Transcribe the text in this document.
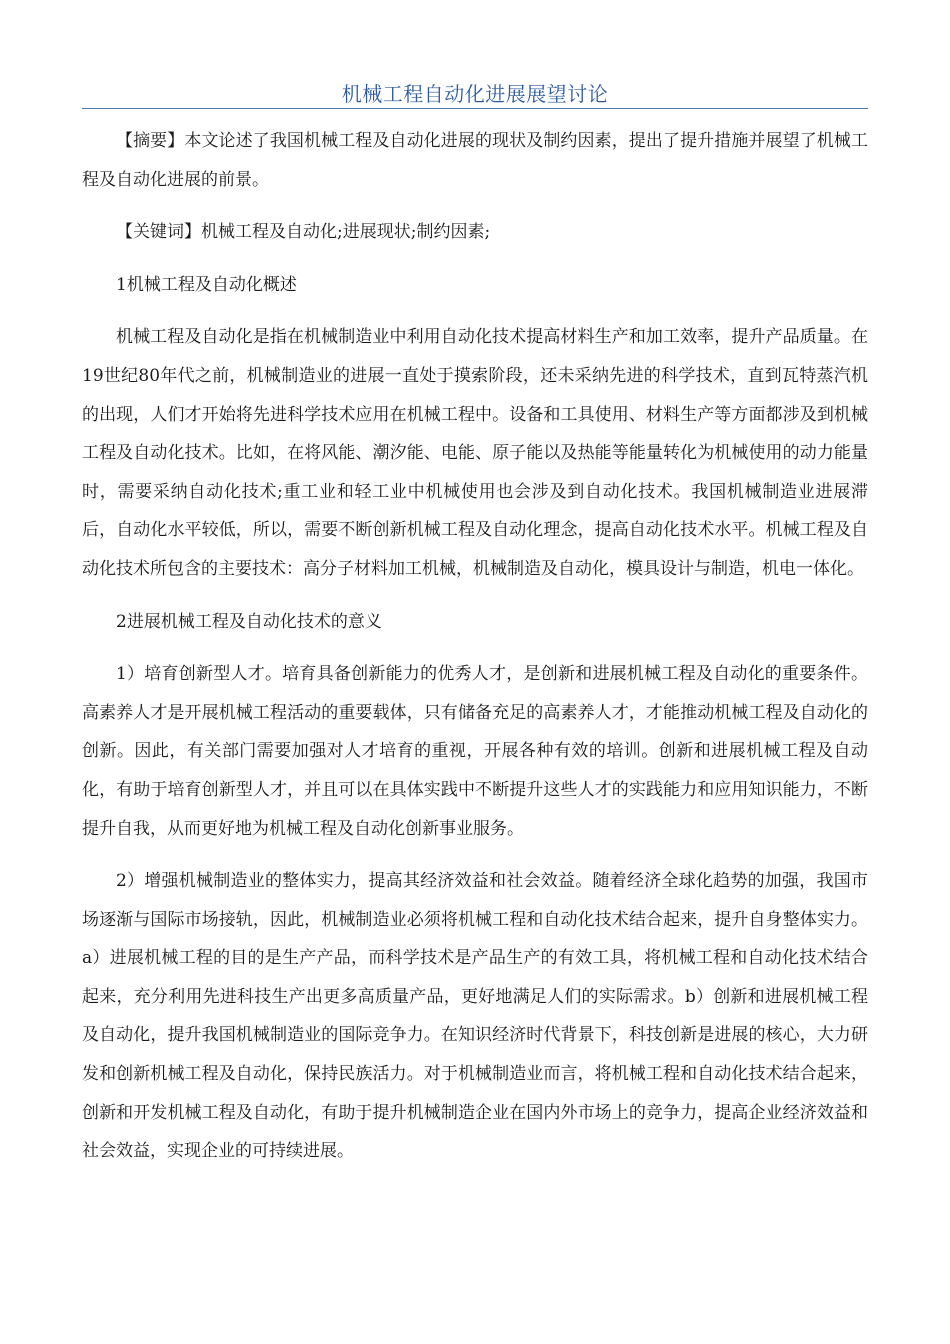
机械工程自动化进展展望讨论

【摘要】本文论述了我国机械工程及自动化进展的现状及制约因素，提出了提升措施并展望了机械工程及自动化进展的前景。

【关键词】机械工程及自动化;进展现状;制约因素;

1机械工程及自动化概述

机械工程及自动化是指在机械制造业中利用自动化技术提高材料生产和加工效率，提升产品质量。在19世纪80年代之前，机械制造业的进展一直处于摸索阶段，还未采纳先进的科学技术，直到瓦特蒸汽机的出现，人们才开始将先进科学技术应用在机械工程中。设备和工具使用、材料生产等方面都涉及到机械工程及自动化技术。比如，在将风能、潮汐能、电能、原子能以及热能等能量转化为机械使用的动力能量时，需要采纳自动化技术;重工业和轻工业中机械使用也会涉及到自动化技术。我国机械制造业进展滞后，自动化水平较低，所以，需要不断创新机械工程及自动化理念，提高自动化技术水平。机械工程及自动化技术所包含的主要技术：高分子材料加工机械，机械制造及自动化，模具设计与制造，机电一体化。

2进展机械工程及自动化技术的意义

1）培育创新型人才。培育具备创新能力的优秀人才，是创新和进展机械工程及自动化的重要条件。高素养人才是开展机械工程活动的重要载体，只有储备充足的高素养人才，才能推动机械工程及自动化的创新。因此，有关部门需要加强对人才培育的重视，开展各种有效的培训。创新和进展机械工程及自动化，有助于培育创新型人才，并且可以在具体实践中不断提升这些人才的实践能力和应用知识能力，不断提升自我，从而更好地为机械工程及自动化创新事业服务。

2）增强机械制造业的整体实力，提高其经济效益和社会效益。随着经济全球化趋势的加强，我国市场逐渐与国际市场接轨，因此，机械制造业必须将机械工程和自动化技术结合起来，提升自身整体实力。a）进展机械工程的目的是生产产品，而科学技术是产品生产的有效工具，将机械工程和自动化技术结合起来，充分利用先进科技生产出更多高质量产品，更好地满足人们的实际需求。b）创新和进展机械工程及自动化，提升我国机械制造业的国际竞争力。在知识经济时代背景下，科技创新是进展的核心，大力研发和创新机械工程及自动化，保持民族活力。对于机械制造业而言，将机械工程和自动化技术结合起来，创新和开发机械工程及自动化，有助于提升机械制造企业在国内外市场上的竞争力，提高企业经济效益和社会效益，实现企业的可持续进展。
